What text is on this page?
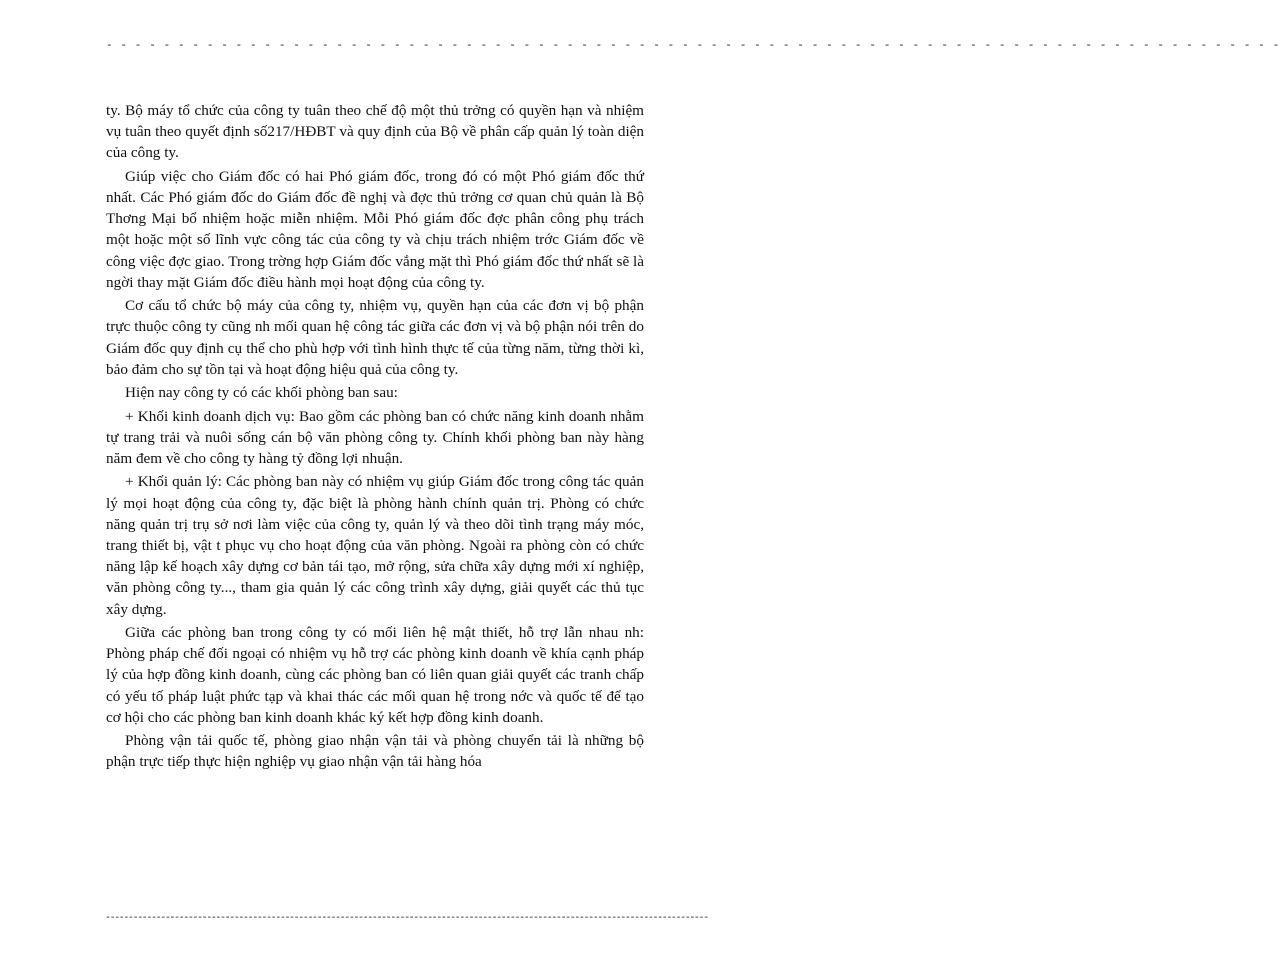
- - - - - - - - - - - - - - - - - - - - - - - - - - - - - - - - - - - - - - - - - - - - - - - - - - - - - - - - - - - - - - - - - - - - - - - - - - - - - - - - - -

ty. Bộ máy tổ chức của công ty tuân theo chế độ một thủ trởng có quyền hạn và nhiệm vụ tuân theo quyết định số217/HĐBT và quy định của Bộ về phân cấp quản lý toàn diện của công ty.

Giúp việc cho Giám đốc có hai Phó giám đốc, trong đó có một Phó giám đốc thứ nhất. Các Phó giám đốc do Giám đốc đề nghị và đợc thủ trởng cơ quan chủ quản là Bộ Thơng Mại bổ nhiệm hoặc miễn nhiệm. Mỗi Phó giám đốc đợc phân công phụ trách một hoặc một số lĩnh vực công tác của công ty và chịu trách nhiệm trớc Giám đốc về công việc đợc giao. Trong trờng hợp Giám đốc vắng mặt thì Phó giám đốc thứ nhất sẽ là ngời thay mặt Giám đốc điều hành mọi hoạt động của công ty.

Cơ cấu tổ chức bộ máy của công ty, nhiệm vụ, quyền hạn của các đơn vị bộ phận trực thuộc công ty cũng nh mối quan hệ công tác giữa các đơn vị và bộ phận nói trên do Giám đốc quy định cụ thể cho phù hợp với tình hình thực tế của từng năm, từng thời kì, bảo đảm cho sự tồn tại và hoạt động hiệu quả của công ty.

Hiện nay công ty có các khối phòng ban sau:

+ Khối kinh doanh dịch vụ: Bao gồm các phòng ban có chức năng kinh doanh nhằm tự trang trải và nuôi sống cán bộ văn phòng công ty. Chính khối phòng ban này hàng năm đem về cho công ty hàng tỷ đồng lợi nhuận.

+ Khối quản lý: Các phòng ban này có nhiệm vụ giúp Giám đốc trong công tác quản lý mọi hoạt động của công ty, đặc biệt là phòng hành chính quản trị. Phòng có chức năng quản trị trụ sở nơi làm việc của công ty, quản lý và theo dõi tình trạng máy móc, trang thiết bị, vật t phục vụ cho hoạt động của văn phòng. Ngoài ra phòng còn có chức năng lập kế hoạch xây dựng cơ bản tái tạo, mở rộng, sửa chữa xây dựng mới xí nghiệp, văn phòng công ty..., tham gia quản lý các công trình xây dựng, giải quyết các thủ tục xây dựng.

Giữa các phòng ban trong công ty có mối liên hệ mật thiết, hỗ trợ lẫn nhau nh: Phòng pháp chế đối ngoại có nhiệm vụ hỗ trợ các phòng kinh doanh về khía cạnh pháp lý của hợp đồng kinh doanh, cùng các phòng ban có liên quan giải quyết các tranh chấp có yếu tố pháp luật phức tạp và khai thác các mối quan hệ trong nớc và quốc tế để tạo cơ hội cho các phòng ban kinh doanh khác ký kết hợp đồng kinh doanh.

Phòng vận tải quốc tế, phòng giao nhận vận tải và phòng chuyển tải là những bộ phận trực tiếp thực hiện nghiệp vụ giao nhận vận tải hàng hóa

-----------------------------------------------------------------------------------------------------------------------------------
